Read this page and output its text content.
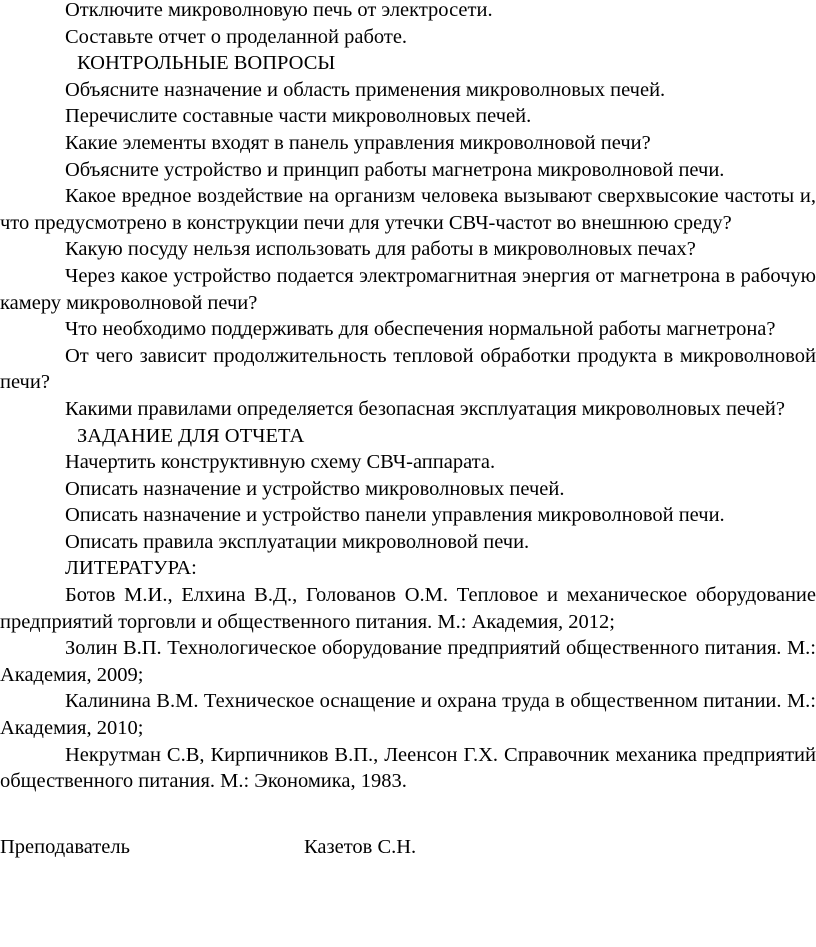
Отключите микроволновую печь от электросети.

Составьте отчет о проделанной работе.

КОНТРОЛЬНЫЕ ВОПРОСЫ

Объясните назначение и область применения микроволновых печей.

Перечислите составные части микроволновых печей.

Какие элементы входят в панель управления микроволновой печи?

Объясните устройство и принцип работы магнетрона микроволновой печи.

Какое вредное воздействие на организм человека вызывают сверхвысокие частоты и, что предусмотрено в конструкции печи для утечки СВЧ-частот во внешнюю среду?

Какую посуду нельзя использовать для работы в микроволновых печах?

Через какое устройство подается электромагнитная энергия от магнетрона в рабочую камеру микроволновой печи?

Что необходимо поддерживать для обеспечения нормальной работы магнетрона?

От чего зависит продолжительность тепловой обработки продукта в микроволновой печи?

Какими правилами определяется безопасная эксплуатация микроволновых печей?

ЗАДАНИЕ ДЛЯ ОТЧЕТА

Начертить конструктивную схему СВЧ-аппарата.

Описать назначение и устройство микроволновых печей.

Описать назначение и устройство панели управления микроволновой печи.

Описать правила эксплуатации микроволновой печи.

ЛИТЕРАТУРА:

Ботов М.И., Елхина В.Д., Голованов О.М. Тепловое и механическое оборудование предприятий торговли и общественного питания. М.: Академия, 2012;

Золин В.П. Технологическое оборудование предприятий общественного питания. М.: Академия, 2009;

Калинина В.М. Техническое оснащение и охрана труда в общественном питании. М.: Академия, 2010;

Некрутман С.В, Кирпичников В.П., Леенсон Г.Х. Справочник механика предприятий общественного питания. М.: Экономика, 1983.

Преподаватель	Казетов С.Н.
